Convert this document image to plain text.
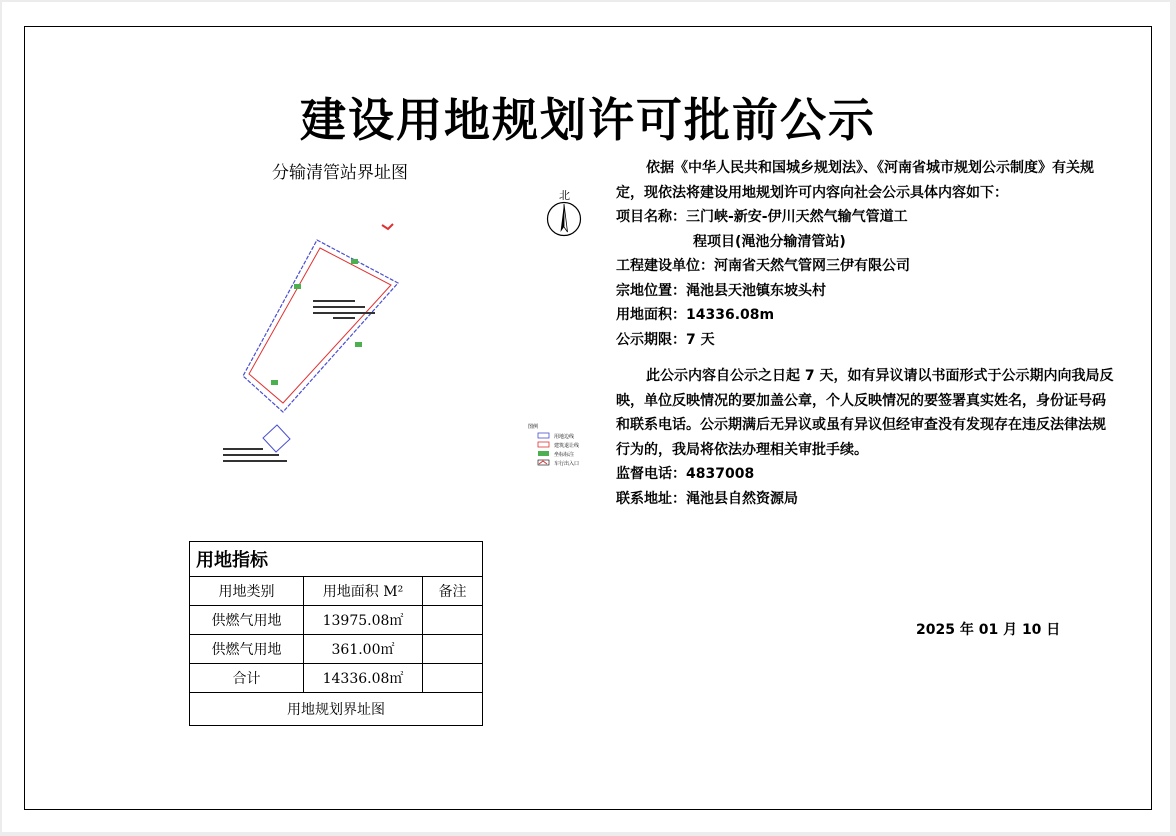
建设用地规划许可批前公示
分输清管站界址图
北
图例
用地边线
建筑退让线
坐标标注
车行出入口

依据《中华人民共和国城乡规划法》、《河南省城市规划公示制度》有关规定，现依法将建设用地规划许可内容向社会公示具体内容如下：

项目名称： 三门峡-新安-伊川天然气输气管道工

程项目(渑池分输清管站)

工程建设单位：河南省天然气管网三伊有限公司

宗地位置：渑池县天池镇东坡头村

用地面积：14336.08m

公示期限：7 天

此公示内容自公示之日起 7 天，如有异议请以书面形式于公示期内向我局反映，单位反映情况的要加盖公章，个人反映情况的要签署真实姓名，身份证号码和联系电话。公示期满后无异议或虽有异议但经审查没有发现存在违反法律法规行为的，我局将依法办理相关审批手续。

监督电话：4837008

联系地址：渑池县自然资源局

2025 年 01 月 10 日
用地指标		
用地类别	用地面积 M²	备注
供燃气用地	13975.08㎡	
供燃气用地	361.00㎡	
合计	14336.08㎡	
用地规划界址图		
